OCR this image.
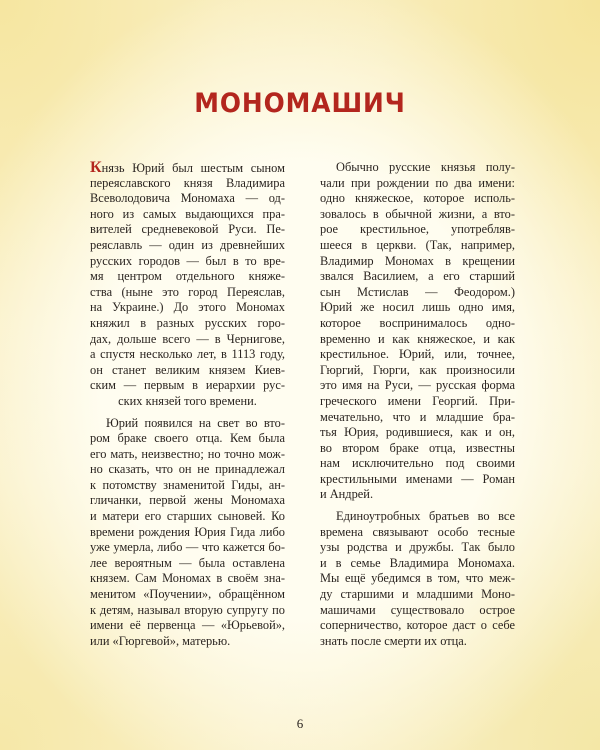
МОНОМАШИЧ
Князь Юрий был шестым сыном
переяславского князя Владимира
Всеволодовича Мономаха — од-
ного из самых выдающихся пра-
вителей средневековой Руси. Пе-
реяславль — один из древнейших
русских городов — был в то вре-
мя центром отдельного княже-
ства (ныне это город Переяслав,
на Украине.) До этого Мономах
княжил в разных русских горо-
дах, дольше всего — в Чернигове,
а спустя несколько лет, в 1113 году,
он станет великим князем Киев-
ским — первым в иерархии рус-
ских князей того времени.
Юрий появился на свет во вто-
ром браке своего отца. Кем была
его мать, неизвестно; но точно мож-
но сказать, что он не принадлежал
к потомству знаменитой Гиды, ан-
гличанки, первой жены Мономаха
и матери его старших сыновей. Ко
времени рождения Юрия Гида либо
уже умерла, либо — что кажется бо-
лее вероятным — была оставлена
князем. Сам Мономах в своём зна-
менитом «Поучении», обращённом
к детям, называл вторую супругу по
имени её первенца — «Юрьевой»,
или «Гюргевой», матерью.
Обычно русские князья полу-
чали при рождении по два имени:
одно княжеское, которое исполь-
зовалось в обычной жизни, а вто-
рое крестильное, употребляв-
шееся в церкви. (Так, например,
Владимир Мономах в крещении
звался Василием, а его старший
сын Мстислав — Феодором.)
Юрий же носил лишь одно имя,
которое воспринималось одно-
временно и как княжеское, и как
крестильное. Юрий, или, точнее,
Гюргий, Гюрги, как произносили
это имя на Руси, — русская форма
греческого имени Георгий. При-
мечательно, что и младшие бра-
тья Юрия, родившиеся, как и он,
во втором браке отца, известны
нам исключительно под своими
крестильными именами — Роман
и Андрей.
Единоутробных братьев во все
времена связывают особо тесные
узы родства и дружбы. Так было
и в семье Владимира Мономаха.
Мы ещё убедимся в том, что меж-
ду старшими и младшими Моно-
машичами существовало острое
соперничество, которое даст о себе
знать после смерти их отца.
6
